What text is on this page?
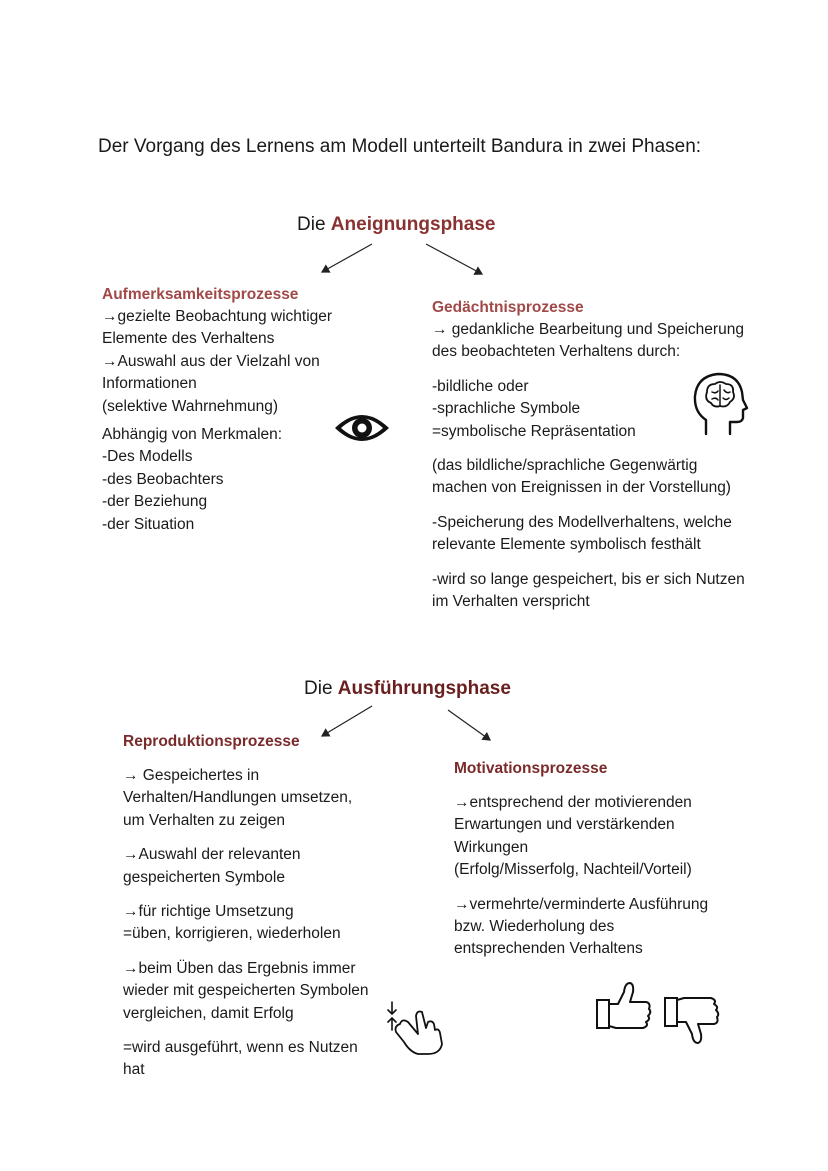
Der Vorgang des Lernens am Modell unterteilt Bandura in zwei Phasen:
Die Aneignungsphase
Aufmerksamkeitsprozesse
→gezielte Beobachtung wichtiger
Elemente des Verhaltens
→Auswahl aus der Vielzahl von
Informationen
(selektive Wahrnehmung)
Abhängig von Merkmalen:
-Des Modells
-des Beobachters
-der Beziehung
-der Situation
Gedächtnisprozesse
→ gedankliche Bearbeitung und Speicherung
des beobachteten Verhaltens durch:
-bildliche oder
-sprachliche Symbole
=symbolische Repräsentation
(das bildliche/sprachliche Gegenwärtig
machen von Ereignissen in der Vorstellung)
-Speicherung des Modellverhaltens, welche
relevante Elemente symbolisch festhält
-wird so lange gespeichert, bis er sich Nutzen
im Verhalten verspricht
Die Ausführungsphase
Reproduktionsprozesse
→ Gespeichertes in
Verhalten/Handlungen umsetzen,
um Verhalten zu zeigen
→Auswahl der relevanten
gespeicherten Symbole
→für richtige Umsetzung
=üben, korrigieren, wiederholen
→beim Üben das Ergebnis immer
wieder mit gespeicherten Symbolen
vergleichen, damit Erfolg
=wird ausgeführt, wenn es Nutzen
hat
Motivationsprozesse
→entsprechend der motivierenden
Erwartungen und verstärkenden
Wirkungen
(Erfolg/Misserfolg, Nachteil/Vorteil)
→vermehrte/verminderte Ausführung
bzw. Wiederholung des
entsprechenden Verhaltens
